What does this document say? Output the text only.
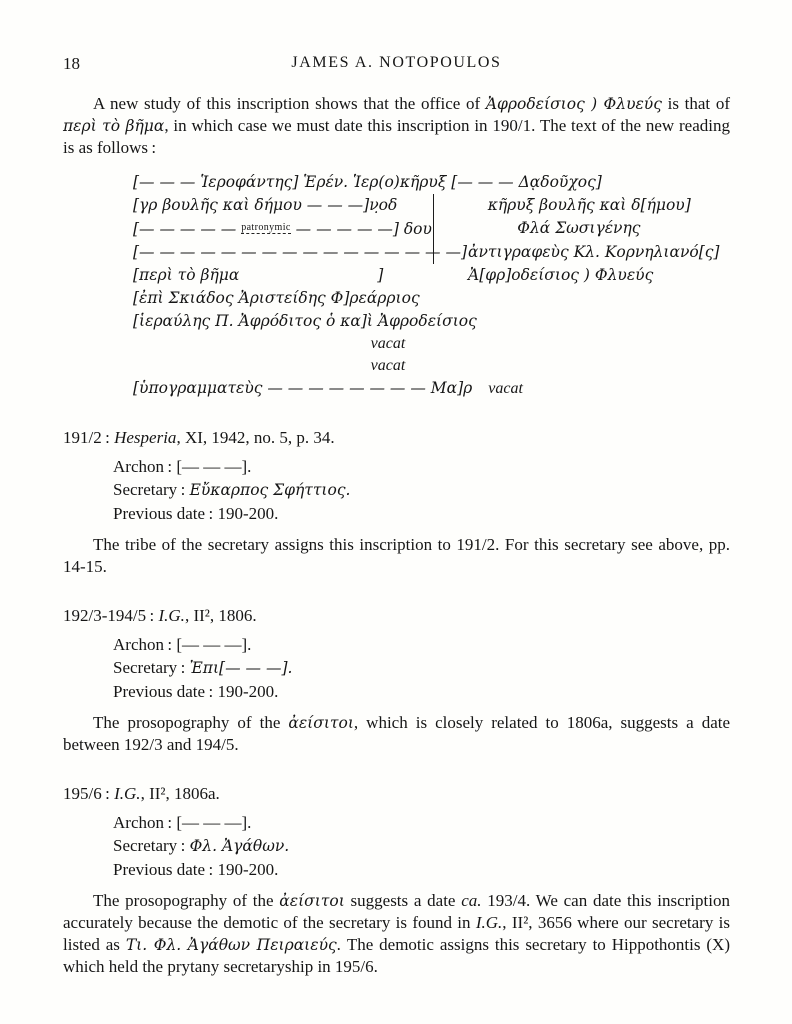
18	JAMES A. NOTOPOULOS

A new study of this inscription shows that the office of Ἀφροδείσιος ) Φλυεύς is that of περὶ τὸ βῆμα, in which case we must date this inscription in 190/1. The text of the new reading is as follows :

[— — — Ἱεροφάντης] Ἑρέν. Ἱερ(ο)κῆρυξ [— — — Δᾳδοῦχος]
[γρ βουλῆς καὶ δήμου — — —]ν̣οδ	κῆρυξ βουλῆς καὶ δ[ήμου]
[— — — — — $^{patronymic}$ — — — — —] δου	Φλά Σωσιγένης
[— — — — — — — — — — — — — — — —] ἀντιγραφεὺς Κλ. Κορνηλιανό[ς]
[περὶ τὸ βῆμα                            ]	Ἀ[φρ]οδείσιος ) Φλυεύς
[ἐπὶ Σκιάδος Ἀριστείδης Φ]ρεάρριος
[ἱεραύλης Π. Ἀφρόδιτος ὁ κα]ὶ Ἀφροδείσιος
vacat
vacat
[ὑπογραμματεὺς — — — — — — — — Μα]ρ vacat
191/2 : Hesperia, XI, 1942, no. 5, p. 34.

Archon : [— — —].

Secretary : Εὔκαρπος Σφήττιος.

Previous date : 190-200.

The tribe of the secretary assigns this inscription to 191/2. For this secretary see above, pp. 14-15.

192/3-194/5 : I.G., II², 1806.

Archon : [— — —].

Secretary : Ἐπι[— — —].

Previous date : 190-200.

The prosopography of the ἀείσιτοι, which is closely related to 1806a, suggests a date between 192/3 and 194/5.

195/6 : I.G., II², 1806a.

Archon : [— — —].

Secretary : Φλ. Ἀγάθων.

Previous date : 190-200.

The prosopography of the ἀείσιτοι suggests a date ca. 193/4. We can date this inscription accurately because the demotic of the secretary is found in I.G., II², 3656 where our secretary is listed as Τι. Φλ. Ἀγάθων Πειραιεύς. The demotic assigns this secretary to Hippothontis (X) which held the prytany secretaryship in 195/6.
